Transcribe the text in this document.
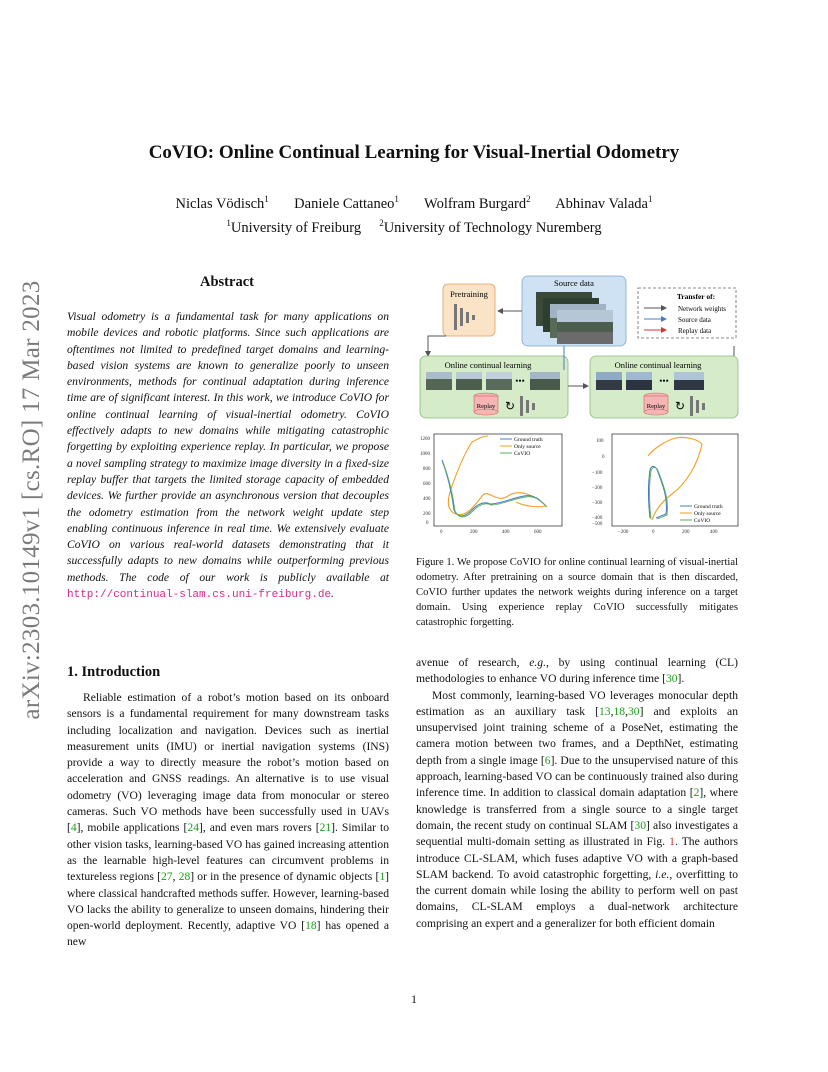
arXiv:2303.10149v1 [cs.RO] 17 Mar 2023
CoVIO: Online Continual Learning for Visual-Inertial Odometry
Niclas Vödisch$^1$ Daniele Cattaneo$^1$ Wolfram Burgard$^2$ Abhinav Valada$^1$
$^1$University of Freiburg $^2$University of Technology Nuremberg
Abstract
Visual odometry is a fundamental task for many applications on mobile devices and robotic platforms. Since such applications are oftentimes not limited to predefined target domains and learning-based vision systems are known to generalize poorly to unseen environments, methods for continual adaptation during inference time are of significant interest. In this work, we introduce CoVIO for online continual learning of visual-inertial odometry. CoVIO effectively adapts to new domains while mitigating catastrophic forgetting by exploiting experience replay. In particular, we propose a novel sampling strategy to maximize image diversity in a fixed-size replay buffer that targets the limited storage capacity of embedded devices. We further provide an asynchronous version that decouples the odometry estimation from the network weight update step enabling continuous inference in real time. We extensively evaluate CoVIO on various real-world datasets demonstrating that it successfully adapts to new domains while outperforming previous methods. The code of our work is publicly available at http://continual-slam.cs.uni-freiburg.de.
Pretraining
Source data
Transfer of:
Network weights
Source data
Replay data
Online continual learning
•••
Replay ↻
Online continual learning
•••
Replay ↻
1200
1000
800
600
400
200
0
0	200	400	600
Ground truth
Only source
CoVIO
100
0
−100
−200
−300
−400
−500
−200	0	200	400
Ground truth
Only source
CoVIO
Figure 1. We propose CoVIO for online continual learning of visual-inertial odometry. After pretraining on a source domain that is then discarded, CoVIO further updates the network weights during inference on a target domain. Using experience replay CoVIO successfully mitigates catastrophic forgetting.
1. Introduction

Reliable estimation of a robot’s motion based on its onboard sensors is a fundamental requirement for many downstream tasks including localization and navigation. Devices such as inertial measurement units (IMU) or inertial navigation systems (INS) provide a way to directly measure the robot’s motion based on acceleration and GNSS readings. An alternative is to use visual odometry (VO) leveraging image data from monocular or stereo cameras. Such VO methods have been successfully used in UAVs [4], mobile applications [24], and even mars rovers [21]. Similar to other vision tasks, learning-based VO has gained increasing attention as the learnable high-level features can circumvent problems in textureless regions [27, 28] or in the presence of dynamic objects [1] where classical handcrafted methods suffer. However, learning-based VO lacks the ability to generalize to unseen domains, hindering their open-world deployment. Recently, adaptive VO [18] has opened a new

avenue of research, e.g., by using continual learning (CL) methodologies to enhance VO during inference time [30].

Most commonly, learning-based VO leverages monocular depth estimation as an auxiliary task [13,18,30] and exploits an unsupervised joint training scheme of a PoseNet, estimating the camera motion between two frames, and a DepthNet, estimating depth from a single image [6]. Due to the unsupervised nature of this approach, learning-based VO can be continuously trained also during inference time. In addition to classical domain adaptation [2], where knowledge is transferred from a single source to a single target domain, the recent study on continual SLAM [30] also investigates a sequential multi-domain setting as illustrated in Fig. 1. The authors introduce CL-SLAM, which fuses adaptive VO with a graph-based SLAM backend. To avoid catastrophic forgetting, i.e., overfitting to the current domain while losing the ability to perform well on past domains, CL-SLAM employs a dual-network architecture comprising an expert and a generalizer for both efficient domain

1
